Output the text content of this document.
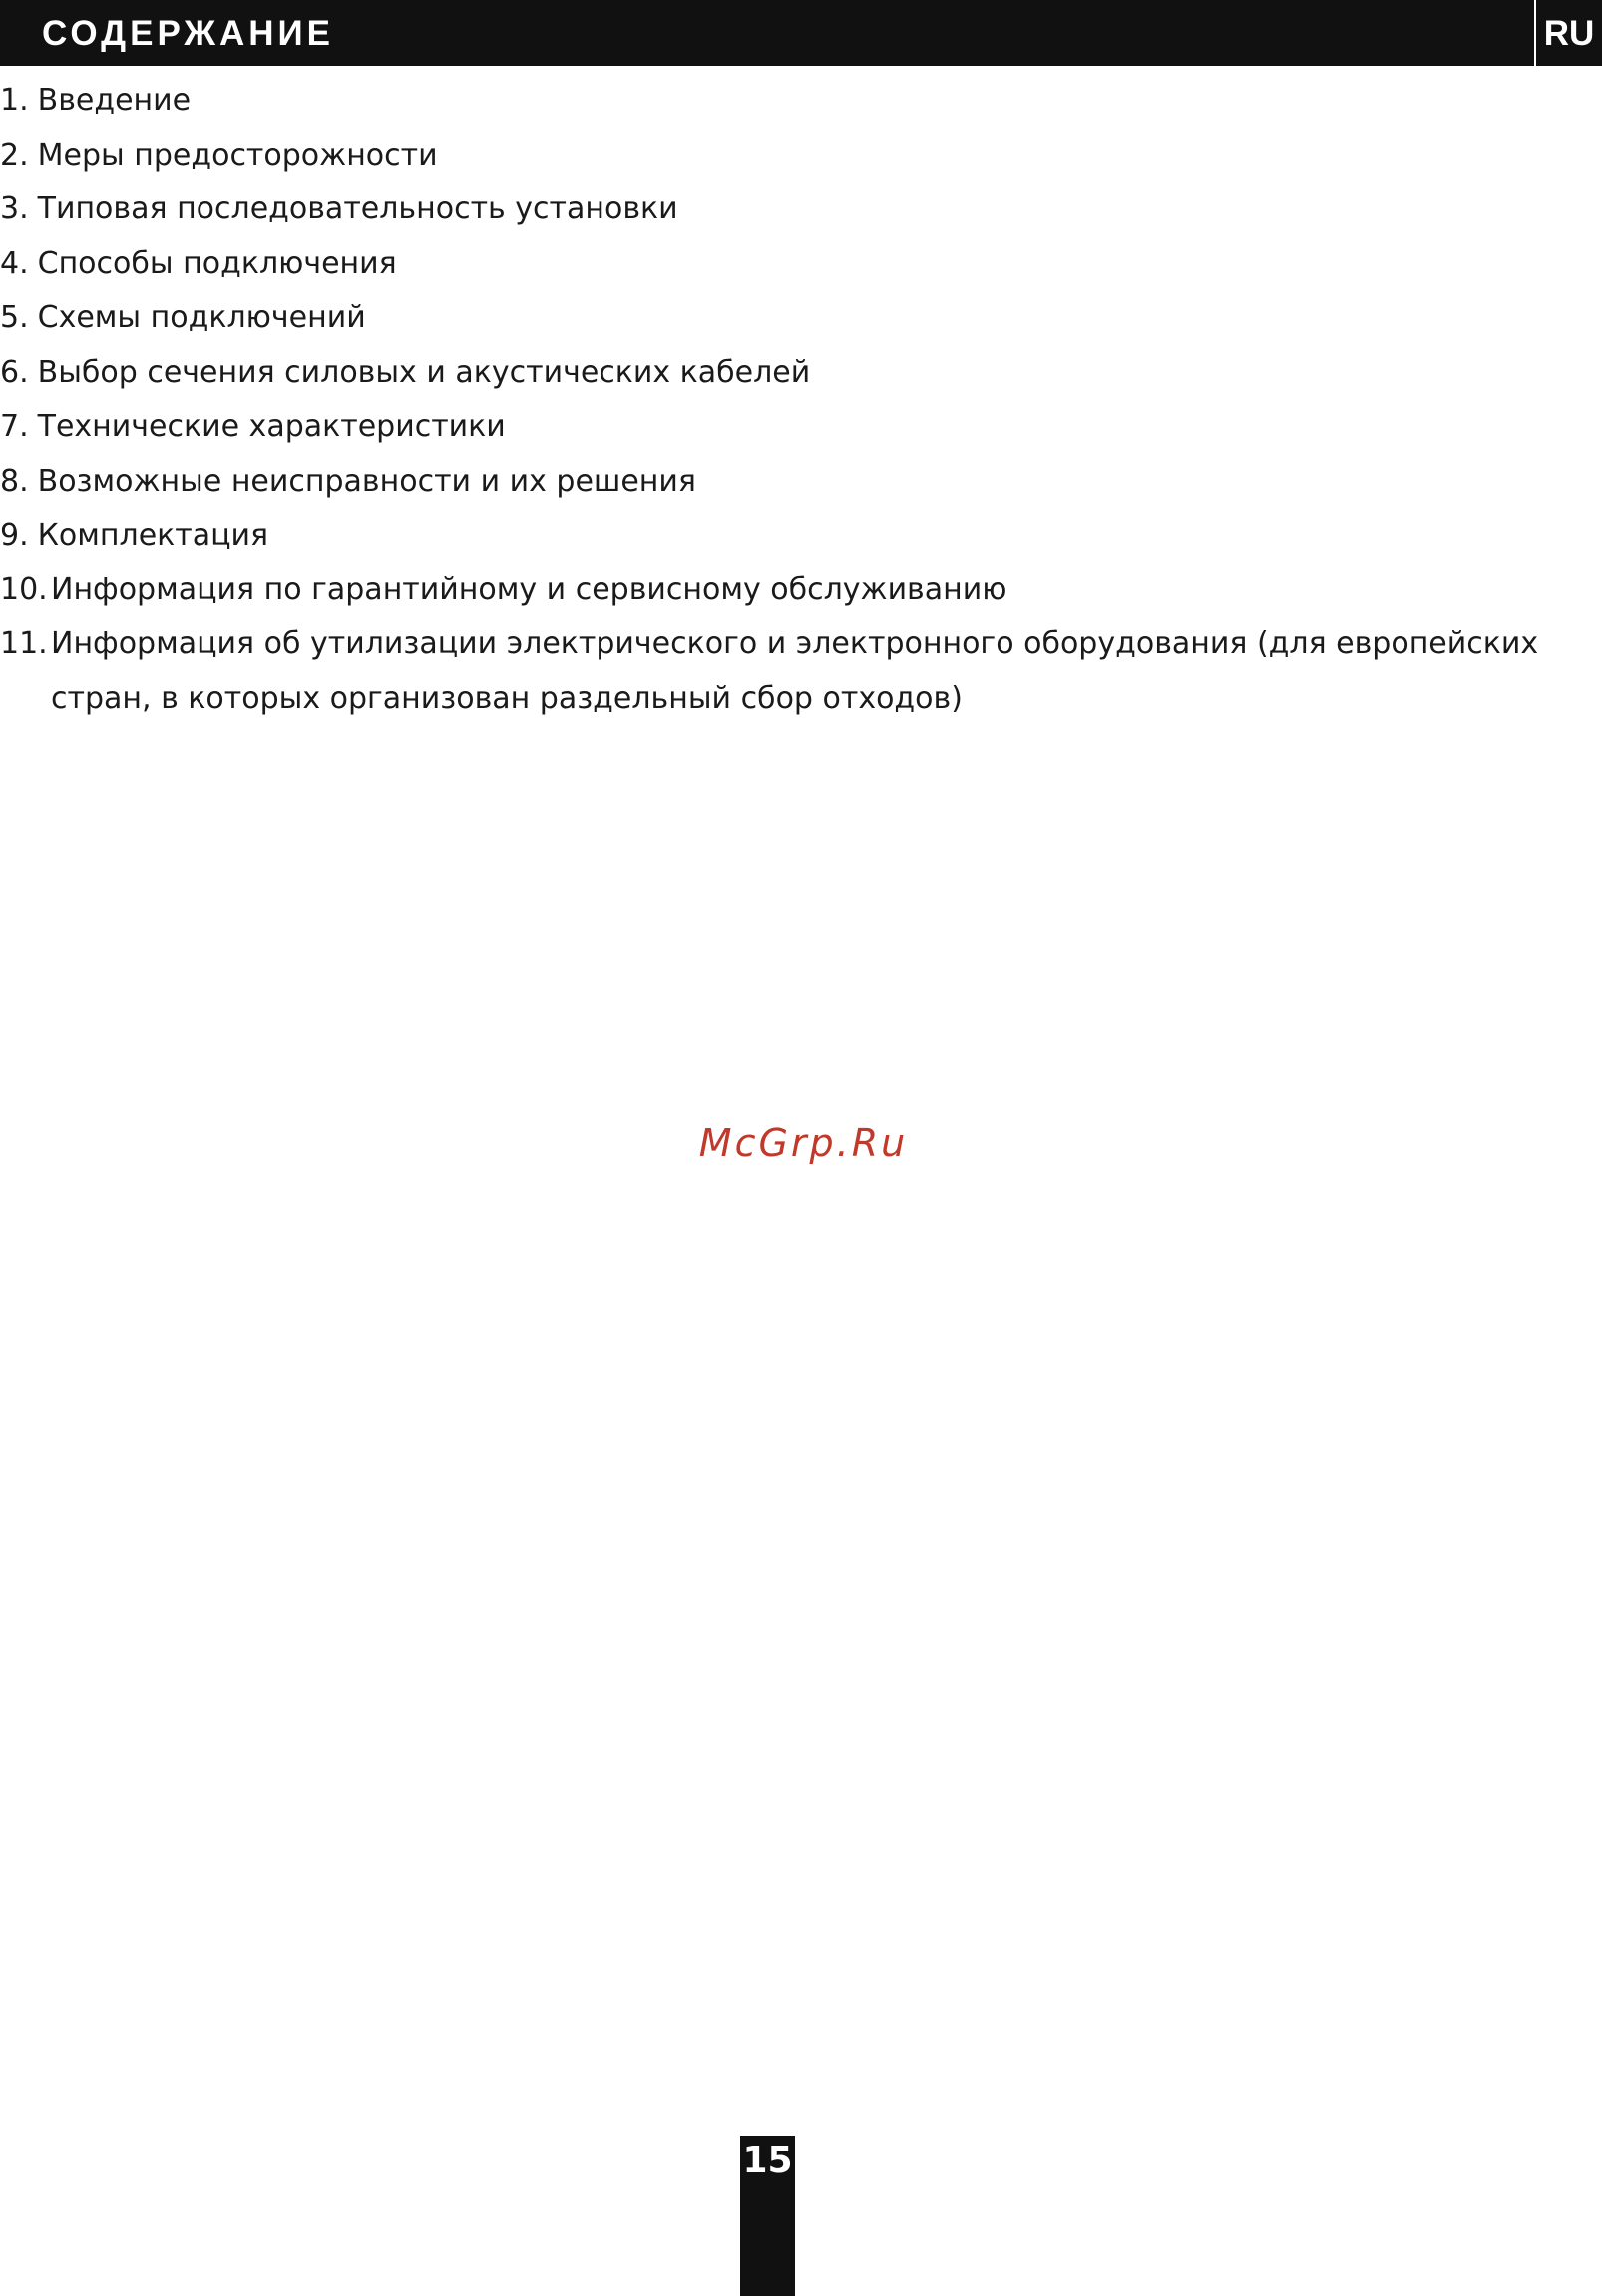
СОДЕРЖАНИЕ	RU
1. Введение
2. Меры предосторожности
3. Типовая последовательность установки
4. Способы подключения
5. Схемы подключений
6. Выбор сечения силовых и акустических кабелей
7. Технические характеристики
8. Возможные неисправности и их решения
9. Комплектация
10. Информация по гарантийному и сервисному обслуживанию
11. Информация об утилизации электрического и электронного оборудования (для европейских стран, в которых организован раздельный сбор отходов)
McGrp.Ru
15
